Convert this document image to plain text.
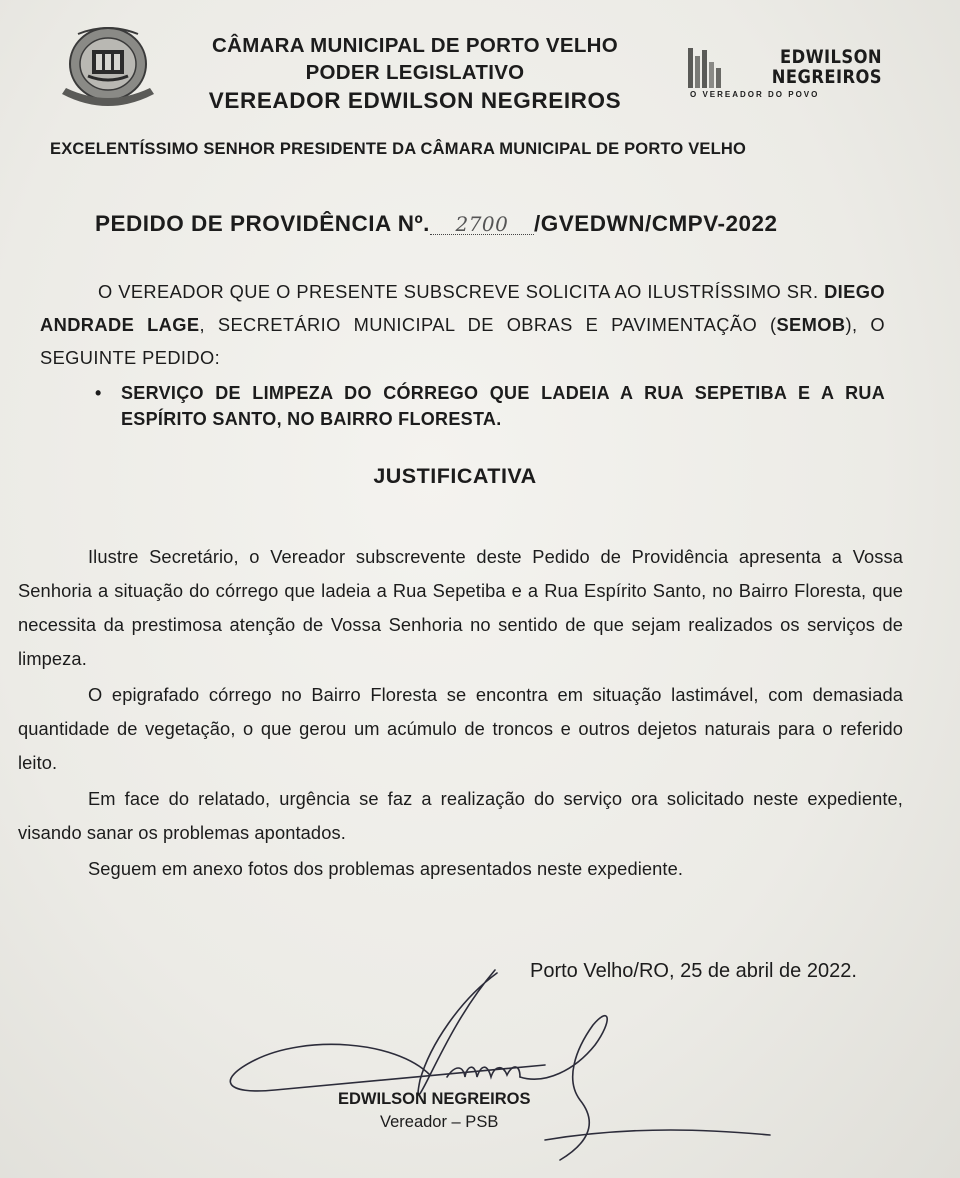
CÂMARA MUNICIPAL DE PORTO VELHO
PODER LEGISLATIVO
VEREADOR EDWILSON NEGREIROS
EDWILSON
NEGREIROS
O VEREADOR DO POVO
EXCELENTÍSSIMO SENHOR PRESIDENTE DA CÂMARA MUNICIPAL DE PORTO VELHO
PEDIDO DE PROVIDÊNCIA Nº. 2700 /GVEDWN/CMPV-2022
O VEREADOR QUE O PRESENTE SUBSCREVE SOLICITA AO ILUSTRÍSSIMO SR. DIEGO ANDRADE LAGE, SECRETÁRIO MUNICIPAL DE OBRAS E PAVIMENTAÇÃO (SEMOB), O SEGUINTE PEDIDO:
• SERVIÇO DE LIMPEZA DO CÓRREGO QUE LADEIA A RUA SEPETIBA E A RUA ESPÍRITO SANTO, NO BAIRRO FLORESTA.
JUSTIFICATIVA

Ilustre Secretário, o Vereador subscrevente deste Pedido de Providência apresenta a Vossa Senhoria a situação do córrego que ladeia a Rua Sepetiba e a Rua Espírito Santo, no Bairro Floresta, que necessita da prestimosa atenção de Vossa Senhoria no sentido de que sejam realizados os serviços de limpeza.

O epigrafado córrego no Bairro Floresta se encontra em situação lastimável, com demasiada quantidade de vegetação, o que gerou um acúmulo de troncos e outros dejetos naturais para o referido leito.

Em face do relatado, urgência se faz a realização do serviço ora solicitado neste expediente, visando sanar os problemas apontados.

Seguem em anexo fotos dos problemas apresentados neste expediente.

Porto Velho/RO, 25 de abril de 2022.
EDWILSON NEGREIROS
Vereador – PSB
